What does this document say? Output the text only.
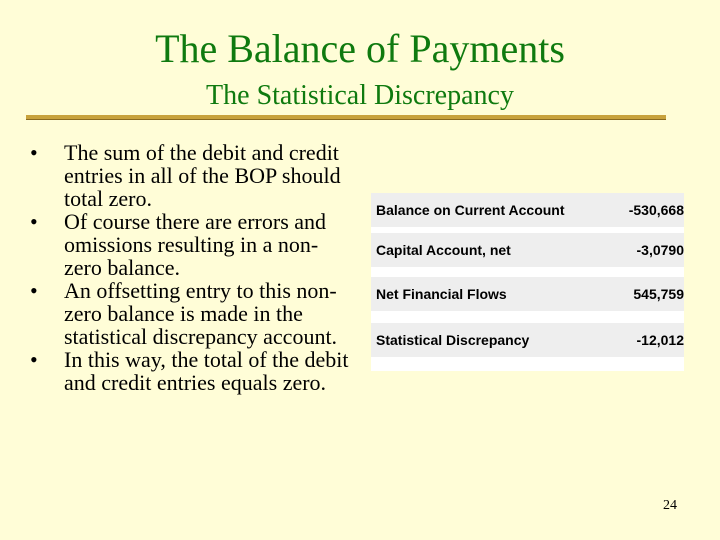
The Balance of Payments
The Statistical Discrepancy
• The sum of the debit and credit entries in all of the BOP should total zero.
• Of course there are errors and omissions resulting in a non-zero balance.
• An offsetting entry to this non-zero balance is made in the statistical discrepancy account.
• In this way, the total of the debit and credit entries equals zero.
Balance on Current Account	-530,668
Capital Account, net	-3,0790
Net Financial Flows	545,759
Statistical Discrepancy	-12,012
24
